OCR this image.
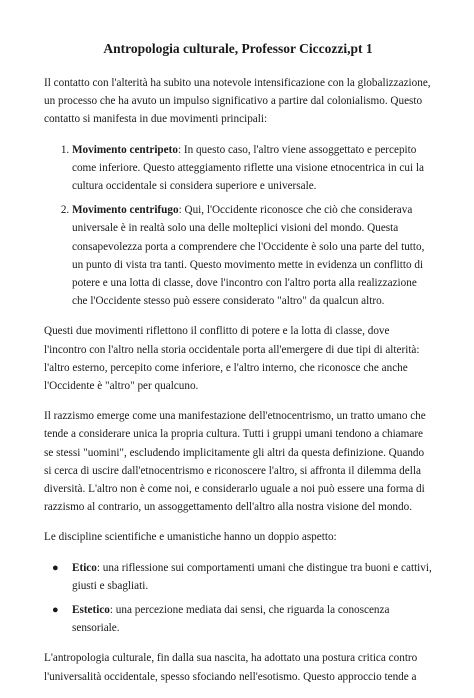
Antropologia culturale, Professor Ciccozzi,pt 1

Il contatto con l'alterità ha subito una notevole intensificazione con la globalizzazione, un processo che ha avuto un impulso significativo a partire dal colonialismo. Questo contatto si manifesta in due movimenti principali:

1. Movimento centripeto: In questo caso, l'altro viene assoggettato e percepito come inferiore. Questo atteggiamento riflette una visione etnocentrica in cui la cultura occidentale si considera superiore e universale.
2. Movimento centrifugo: Qui, l'Occidente riconosce che ciò che considerava universale è in realtà solo una delle molteplici visioni del mondo. Questa consapevolezza porta a comprendere che l'Occidente è solo una parte del tutto, un punto di vista tra tanti. Questo movimento mette in evidenza un conflitto di potere e una lotta di classe, dove l'incontro con l'altro porta alla realizzazione che l'Occidente stesso può essere considerato "altro" da qualcun altro.

Questi due movimenti riflettono il conflitto di potere e la lotta di classe, dove l'incontro con l'altro nella storia occidentale porta all'emergere di due tipi di alterità: l'altro esterno, percepito come inferiore, e l'altro interno, che riconosce che anche l'Occidente è "altro" per qualcuno.

Il razzismo emerge come una manifestazione dell'etnocentrismo, un tratto umano che tende a considerare unica la propria cultura. Tutti i gruppi umani tendono a chiamare se stessi "uomini", escludendo implicitamente gli altri da questa definizione. Quando si cerca di uscire dall'etnocentrismo e riconoscere l'altro, si affronta il dilemma della diversità. L'altro non è come noi, e considerarlo uguale a noi può essere una forma di razzismo al contrario, un assoggettamento dell'altro alla nostra visione del mondo.

Le discipline scientifiche e umanistiche hanno un doppio aspetto:

● Etico: una riflessione sui comportamenti umani che distingue tra buoni e cattivi, giusti e sbagliati.
● Estetico: una percezione mediata dai sensi, che riguarda la conoscenza sensoriale.

L'antropologia culturale, fin dalla sua nascita, ha adottato una postura critica contro l'universalità occidentale, spesso sfociando nell'esotismo. Questo approccio tende a
